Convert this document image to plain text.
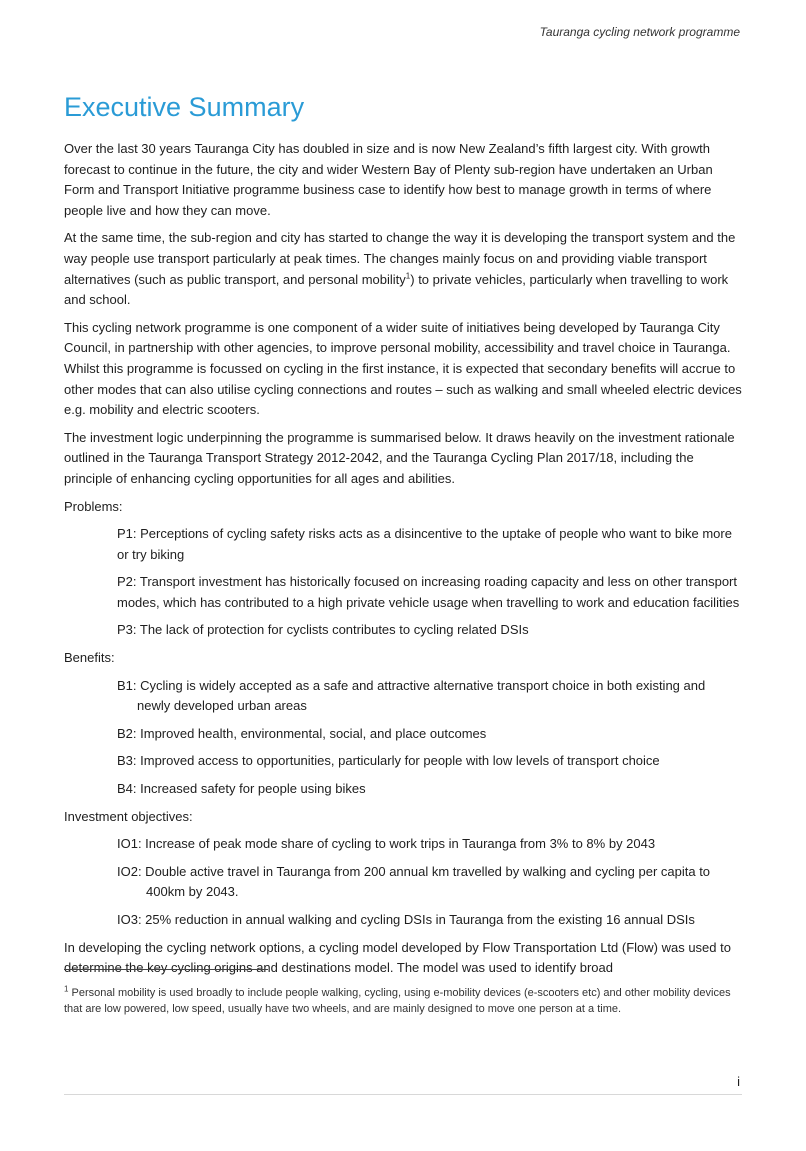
Tauranga cycling network programme
Executive Summary

Over the last 30 years Tauranga City has doubled in size and is now New Zealand’s fifth largest city. With growth forecast to continue in the future, the city and wider Western Bay of Plenty sub-region have undertaken an Urban Form and Transport Initiative programme business case to identify how best to manage growth in terms of where people live and how they can move.

At the same time, the sub-region and city has started to change the way it is developing the transport system and the way people use transport particularly at peak times. The changes mainly focus on and providing viable transport alternatives (such as public transport, and personal mobility$^1$) to private vehicles, particularly when travelling to work and school.

This cycling network programme is one component of a wider suite of initiatives being developed by Tauranga City Council, in partnership with other agencies, to improve personal mobility, accessibility and travel choice in Tauranga. Whilst this programme is focussed on cycling in the first instance, it is expected that secondary benefits will accrue to other modes that can also utilise cycling connections and routes – such as walking and small wheeled electric devices e.g. mobility and electric scooters.

The investment logic underpinning the programme is summarised below. It draws heavily on the investment rationale outlined in the Tauranga Transport Strategy 2012-2042, and the Tauranga Cycling Plan 2017/18, including the principle of enhancing cycling opportunities for all ages and abilities.

Problems:
P1: Perceptions of cycling safety risks acts as a disincentive to the uptake of people who want to bike more or try biking
P2: Transport investment has historically focused on increasing roading capacity and less on other transport modes, which has contributed to a high private vehicle usage when travelling to work and education facilities
P3: The lack of protection for cyclists contributes to cycling related DSIs
Benefits:
B1: Cycling is widely accepted as a safe and attractive alternative transport choice in both existing and newly developed urban areas
B2: Improved health, environmental, social, and place outcomes
B3: Improved access to opportunities, particularly for people with low levels of transport choice
B4: Increased safety for people using bikes
Investment objectives:
IO1: Increase of peak mode share of cycling to work trips in Tauranga from 3% to 8% by 2043
IO2: Double active travel in Tauranga from 200 annual km travelled by walking and cycling per capita to 400km by 2043.
IO3: 25% reduction in annual walking and cycling DSIs in Tauranga from the existing 16 annual DSIs

In developing the cycling network options, a cycling model developed by Flow Transportation Ltd (Flow) was used to determine the key cycling origins and destinations model. The model was used to identify broad

$^1$ Personal mobility is used broadly to include people walking, cycling, using e-mobility devices (e-scooters etc) and other mobility devices that are low powered, low speed, usually have two wheels, and are mainly designed to move one person at a time.
i
